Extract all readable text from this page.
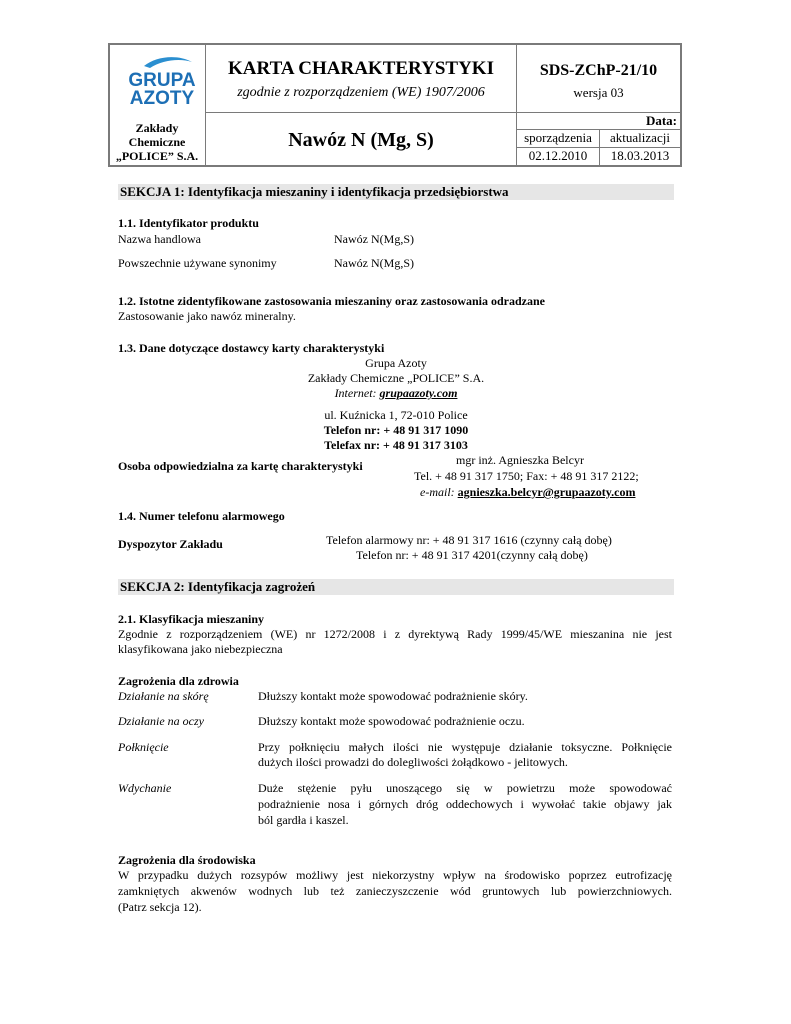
GRUPA
AZOTY
Zakłady
Chemiczne
„POLICE” S.A.
KARTA CHARAKTERYSTYKI
zgodnie z rozporządzeniem (WE) 1907/2006
Nawóz N (Mg, S)
SDS-ZChP-21/10
wersja 03
Data:
sporządzenia	aktualizacji
02.12.2010	18.03.2013
SEKCJA 1: Identyfikacja mieszaniny i identyfikacja przedsiębiorstwa
1.1. Identyfikator produktu
Nazwa handlowa	Nawóz N(Mg,S)
Powszechnie używane synonimy	Nawóz N(Mg,S)
1.2. Istotne zidentyfikowane zastosowania mieszaniny oraz zastosowania odradzane
Zastosowanie jako nawóz mineralny.
1.3. Dane dotyczące dostawcy karty charakterystyki
Grupa Azoty
Zakłady Chemiczne „POLICE” S.A.
Internet: grupaazoty.com
ul. Kuźnicka 1, 72-010 Police
Telefon nr: + 48 91 317 1090
Telefax nr: + 48 91 317 3103
Osoba odpowiedzialna za kartę charakterystyki	mgr inż. Agnieszka Belcyr
Tel. + 48 91 317 1750; Fax: + 48 91 317 2122;
e-mail: agnieszka.belcyr@grupaazoty.com
1.4. Numer telefonu alarmowego
Dyspozytor Zakładu	Telefon alarmowy nr: + 48 91 317 1616 (czynny całą dobę)
Telefon nr: + 48 91 317 4201(czynny całą dobę)
SEKCJA 2: Identyfikacja zagrożeń
2.1. Klasyfikacja mieszaniny
Zgodnie z rozporządzeniem (WE) nr 1272/2008 i z dyrektywą Rady 1999/45/WE mieszanina nie jest
klasyfikowana jako niebezpieczna
Zagrożenia dla zdrowia
Działanie na skórę	Dłuższy kontakt może spowodować podrażnienie skóry.
Działanie na oczy	Dłuższy kontakt może spowodować podrażnienie oczu.
Połknięcie	Przy połknięciu małych ilości nie występuje działanie toksyczne. Połknięcie
dużych ilości prowadzi do dolegliwości żołądkowo - jelitowych.
Wdychanie	Duże stężenie pyłu unoszącego się w powietrzu może spowodować
podrażnienie nosa i górnych dróg oddechowych i wywołać takie objawy jak
ból gardła i kaszel.
Zagrożenia dla środowiska
W przypadku dużych rozsypów możliwy jest niekorzystny wpływ na środowisko poprzez eutrofizację
zamkniętych akwenów wodnych lub też zanieczyszczenie wód gruntowych lub powierzchniowych.
(Patrz sekcja 12).
